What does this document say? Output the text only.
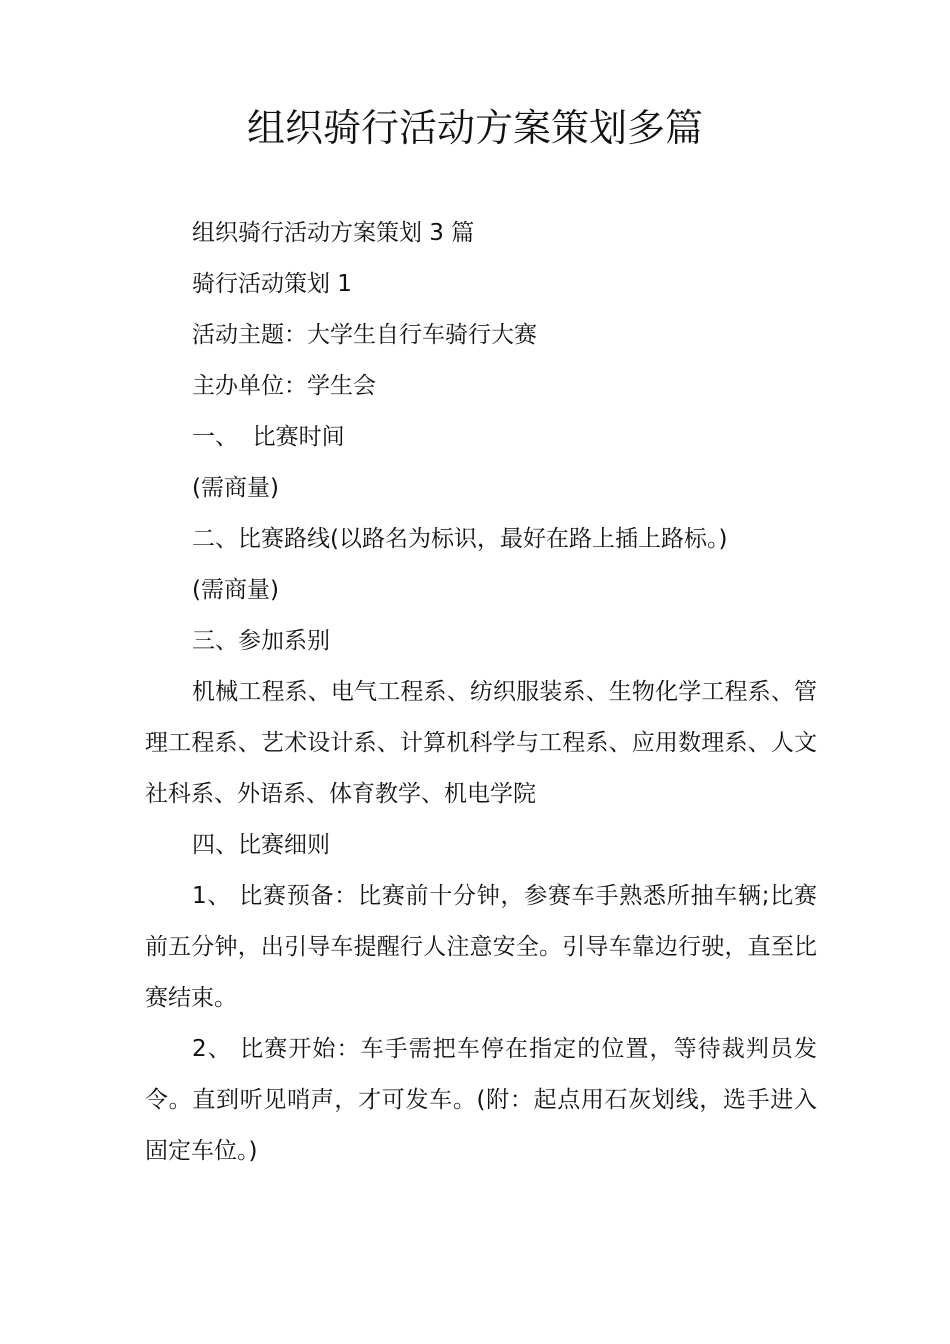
组织骑行活动方案策划多篇

组织骑行活动方案策划 3 篇

骑行活动策划 1

活动主题：大学生自行车骑行大赛

主办单位：学生会

一、  比赛时间

(需商量)

二、比赛路线(以路名为标识，最好在路上插上路标。)

(需商量)

三、参加系别

机械工程系、电气工程系、纺织服装系、生物化学工程系、管理工程系、艺术设计系、计算机科学与工程系、应用数理系、人文社科系、外语系、体育教学、机电学院

四、比赛细则

1、 比赛预备：比赛前十分钟，参赛车手熟悉所抽车辆;比赛前五分钟，出引导车提醒行人注意安全。引导车靠边行驶，直至比赛结束。

2、 比赛开始：车手需把车停在指定的位置，等待裁判员发令。直到听见哨声，才可发车。(附：起点用石灰划线，选手进入固定车位。)
